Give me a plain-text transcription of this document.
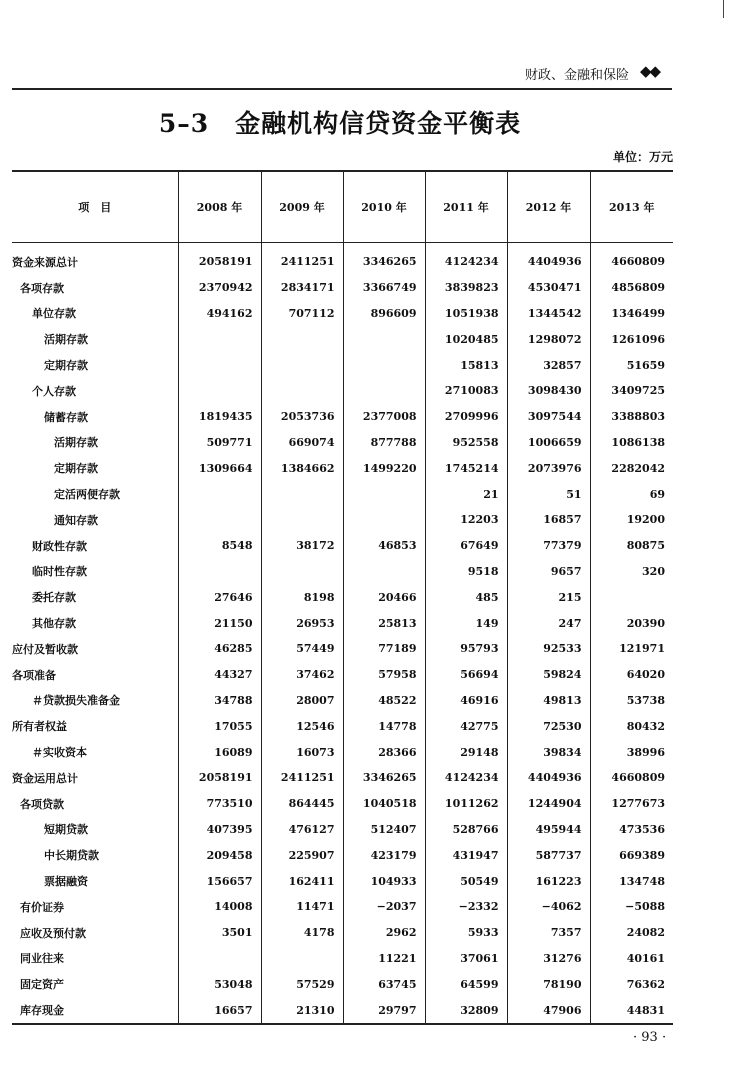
财政、金融和保险 ◆◆
5–3　金融机构信贷资金平衡表
单位：万元
项　目	2008 年	2009 年	2010 年	2011 年	2012 年	2013 年
资金来源总计	2058191	2411251	3346265	4124234	4404936	4660809
各项存款	2370942	2834171	3366749	3839823	4530471	4856809
单位存款	494162	707112	896609	1051938	1344542	1346499
活期存款				1020485	1298072	1261096
定期存款				15813	32857	51659
个人存款				2710083	3098430	3409725
储蓄存款	1819435	2053736	2377008	2709996	3097544	3388803
活期存款	509771	669074	877788	952558	1006659	1086138
定期存款	1309664	1384662	1499220	1745214	2073976	2282042
定活两便存款				21	51	69
通知存款				12203	16857	19200
财政性存款	8548	38172	46853	67649	77379	80875
临时性存款				9518	9657	320
委托存款	27646	8198	20466	485	215	
其他存款	21150	26953	25813	149	247	20390
应付及暂收款	46285	57449	77189	95793	92533	121971
各项准备	44327	37462	57958	56694	59824	64020
＃贷款损失准备金	34788	28007	48522	46916	49813	53738
所有者权益	17055	12546	14778	42775	72530	80432
＃实收资本	16089	16073	28366	29148	39834	38996
资金运用总计	2058191	2411251	3346265	4124234	4404936	4660809
各项贷款	773510	864445	1040518	1011262	1244904	1277673
短期贷款	407395	476127	512407	528766	495944	473536
中长期贷款	209458	225907	423179	431947	587737	669389
票据融资	156657	162411	104933	50549	161223	134748
有价证券	14008	11471	−2037	−2332	−4062	−5088
应收及预付款	3501	4178	2962	5933	7357	24082
同业往来			11221	37061	31276	40161
固定资产	53048	57529	63745	64599	78190	76362
库存现金	16657	21310	29797	32809	47906	44831
· 93 ·
